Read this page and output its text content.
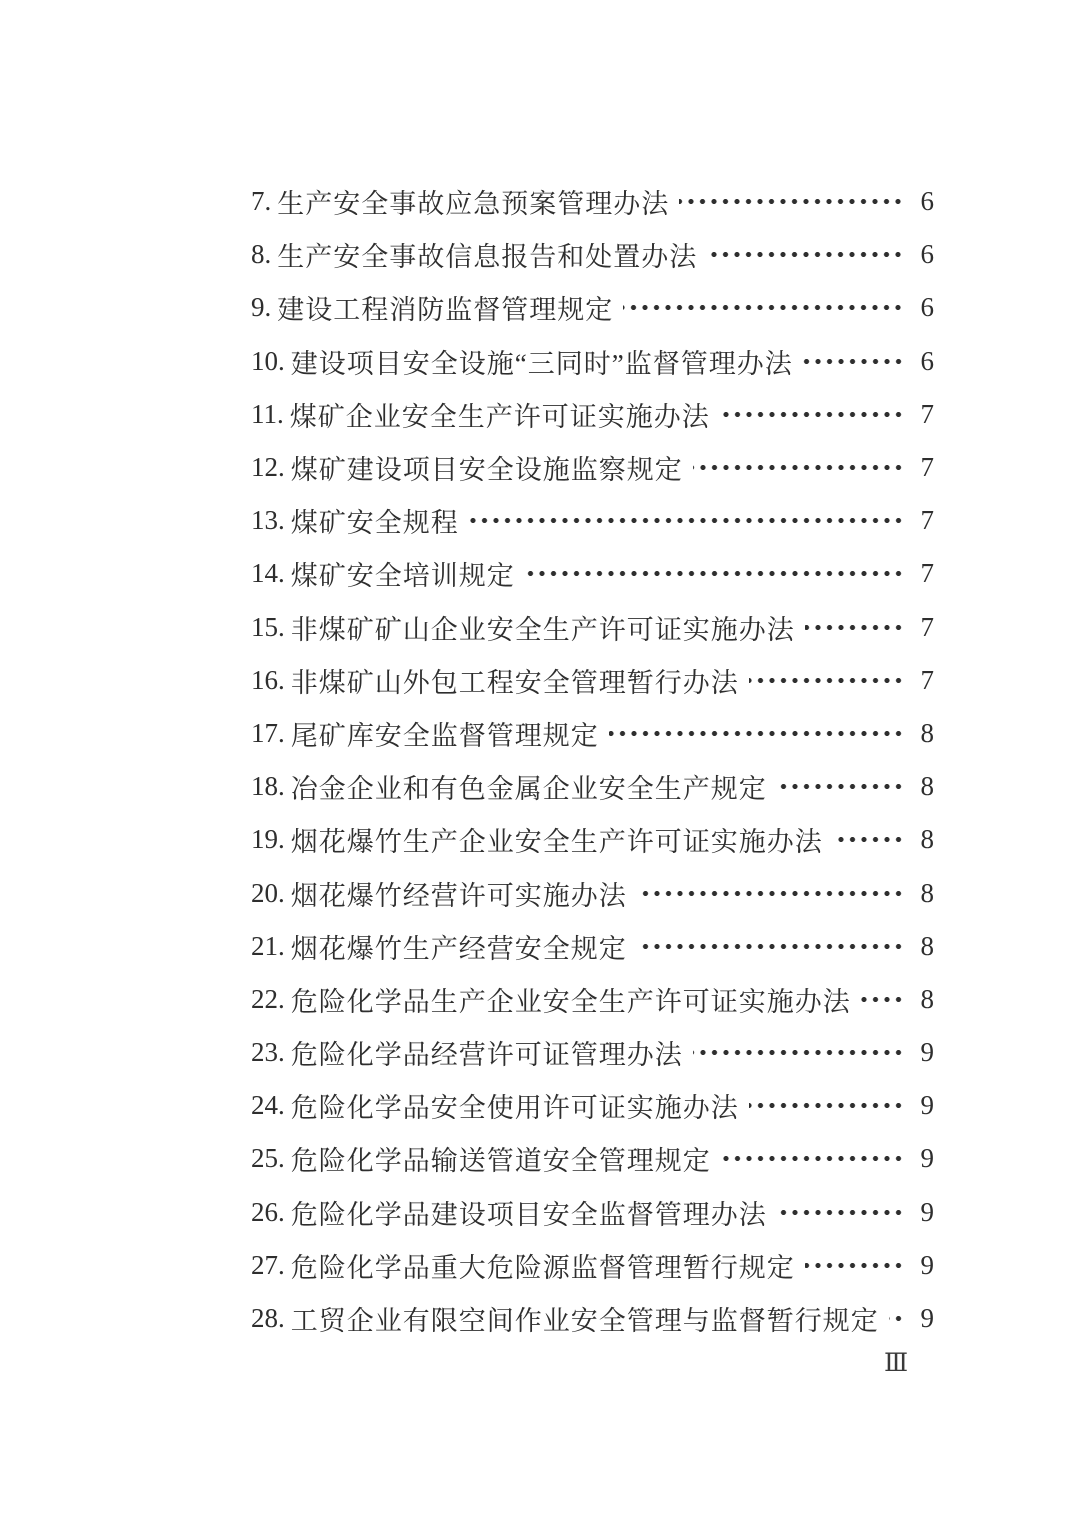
7. 生产安全事故应急预案管理办法	6
8. 生产安全事故信息报告和处置办法	6
9. 建设工程消防监督管理规定	6
10. 建设项目安全设施“三同时”监督管理办法	6
11. 煤矿企业安全生产许可证实施办法	7
12. 煤矿建设项目安全设施监察规定	7
13. 煤矿安全规程	7
14. 煤矿安全培训规定	7
15. 非煤矿矿山企业安全生产许可证实施办法	7
16. 非煤矿山外包工程安全管理暂行办法	7
17. 尾矿库安全监督管理规定	8
18. 冶金企业和有色金属企业安全生产规定	8
19. 烟花爆竹生产企业安全生产许可证实施办法	8
20. 烟花爆竹经营许可实施办法	8
21. 烟花爆竹生产经营安全规定	8
22. 危险化学品生产企业安全生产许可证实施办法	8
23. 危险化学品经营许可证管理办法	9
24. 危险化学品安全使用许可证实施办法	9
25. 危险化学品输送管道安全管理规定	9
26. 危险化学品建设项目安全监督管理办法	9
27. 危险化学品重大危险源监督管理暂行规定	9
28. 工贸企业有限空间作业安全管理与监督暂行规定 9
Ⅲ
